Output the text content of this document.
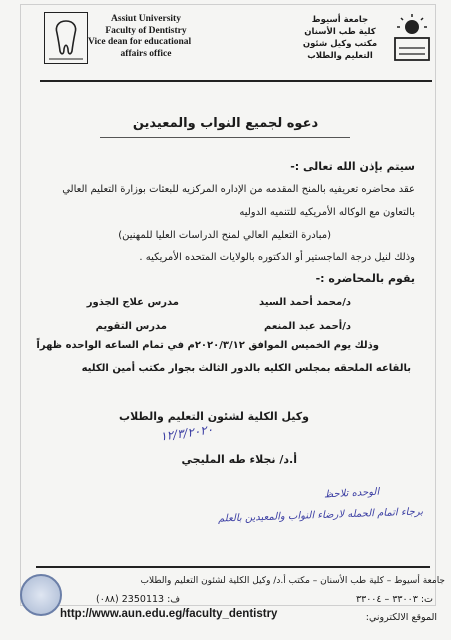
Assiut University
Faculty of Dentistry
Vice dean for educational
affairs office
جامعة أسيوط
كلية طب الأسنان
مكتب وكيل شئون
التعليم والطلاب
دعوه لجميع النواب والمعيدين
سيتم بإذن الله تعالى :-
عقد محاضره تعريفيه بالمنح المقدمه من الإداره المركزيه للبعثات بوزارة التعليم العالي
بالتعاون مع الوكاله الأمريكيه للتنميه الدوليه
(مبادرة التعليم العالي لمنح الدراسات العليا للمهنين)
وذلك لنيل درجة الماجستير أو الدكتوره بالولايات المتحده الأمريكيه .
يقوم بالمحاضره :-
د/محمد أحمد السيد
مدرس علاج الجذور
د/أحمد عبد المنعم
مدرس التقويم
وذلك يوم الخميس الموافق ٢٠٢٠/٣/١٢م في تمام الساعه الواحده ظهراً
بالقاعه الملحقه بمجلس الكليه بالدور الثالث بجوار مكتب أمين الكليه
وكيل الكلية لشئون التعليم والطلاب
١٢/٣/٢٠٢٠
أ.د/ نجلاء طه المليجي
الوحده تلاحظ
برجاء اتمام الحمله لارضاء النواب والمعيدين بالعلم
جامعة أسيوط – كلية طب الأسنان – مكتب أ.د/ وكيل الكلية لشئون التعليم والطلاب
ت: ٣٣٠٠٣ – ٣٣٠٠٤
ف: 2350113 (٠٨٨)
الموقع الالكتروني:
http://www.aun.edu.eg/faculty_dentistry
